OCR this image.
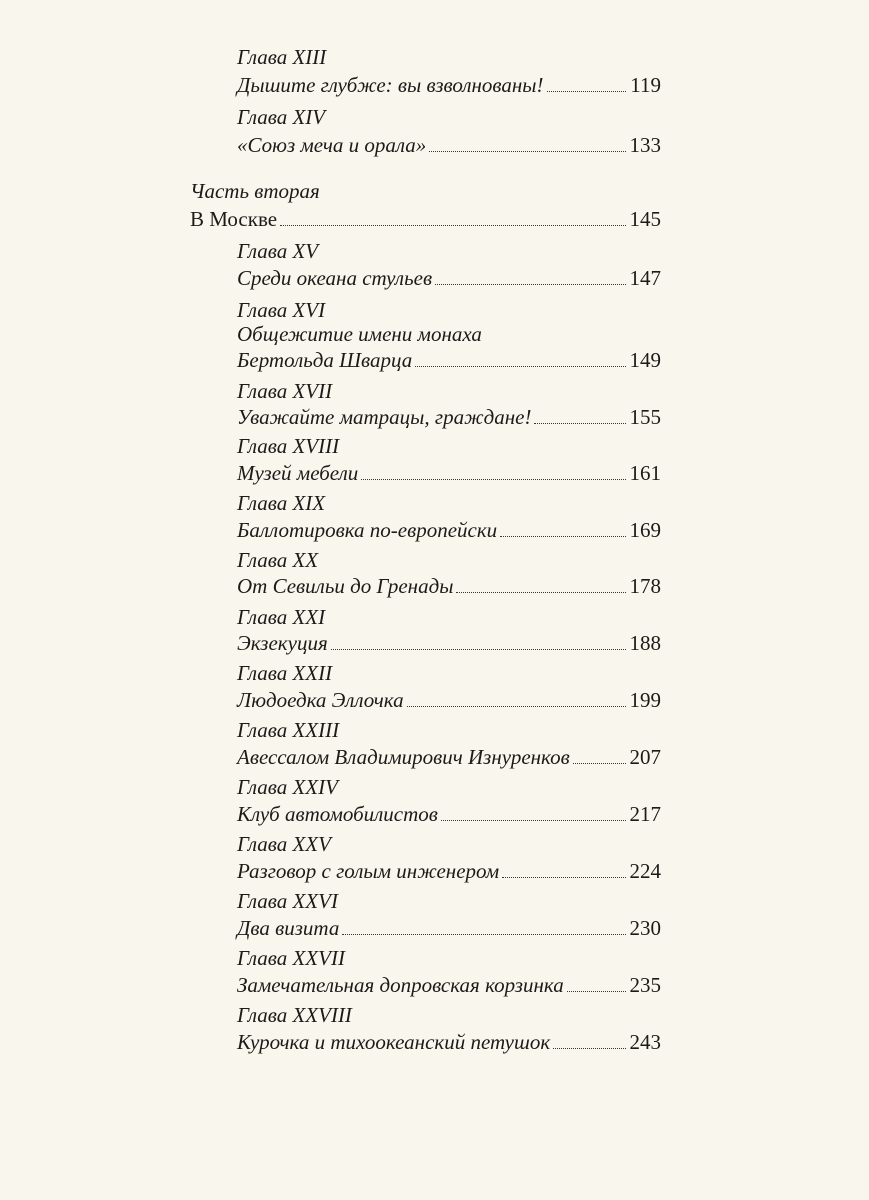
Глава XIII
Дышите глубже: вы взволнованы!	119
Глава XIV
«Союз меча и орала»	133
Часть вторая
В Москве	145
Глава XV
Среди океана стульев	147
Глава XVI
Общежитие имени монаха
Бертольда Шварца	149
Глава XVII
Уважайте матрацы, граждане!	155
Глава XVIII
Музей мебели	161
Глава XIX
Баллотировка по-европейски	169
Глава XX
От Севильи до Гренады	178
Глава XXI
Экзекуция	188
Глава XXII
Людоедка Эллочка	199
Глава XXIII
Авессалом Владимирович Изнуренков	207
Глава XXIV
Клуб автомобилистов	217
Глава XXV
Разговор с голым инженером	224
Глава XXVI
Два визита	230
Глава XXVII
Замечательная допровская корзинка	235
Глава XXVIII
Курочка и тихоокеанский петушок	243
